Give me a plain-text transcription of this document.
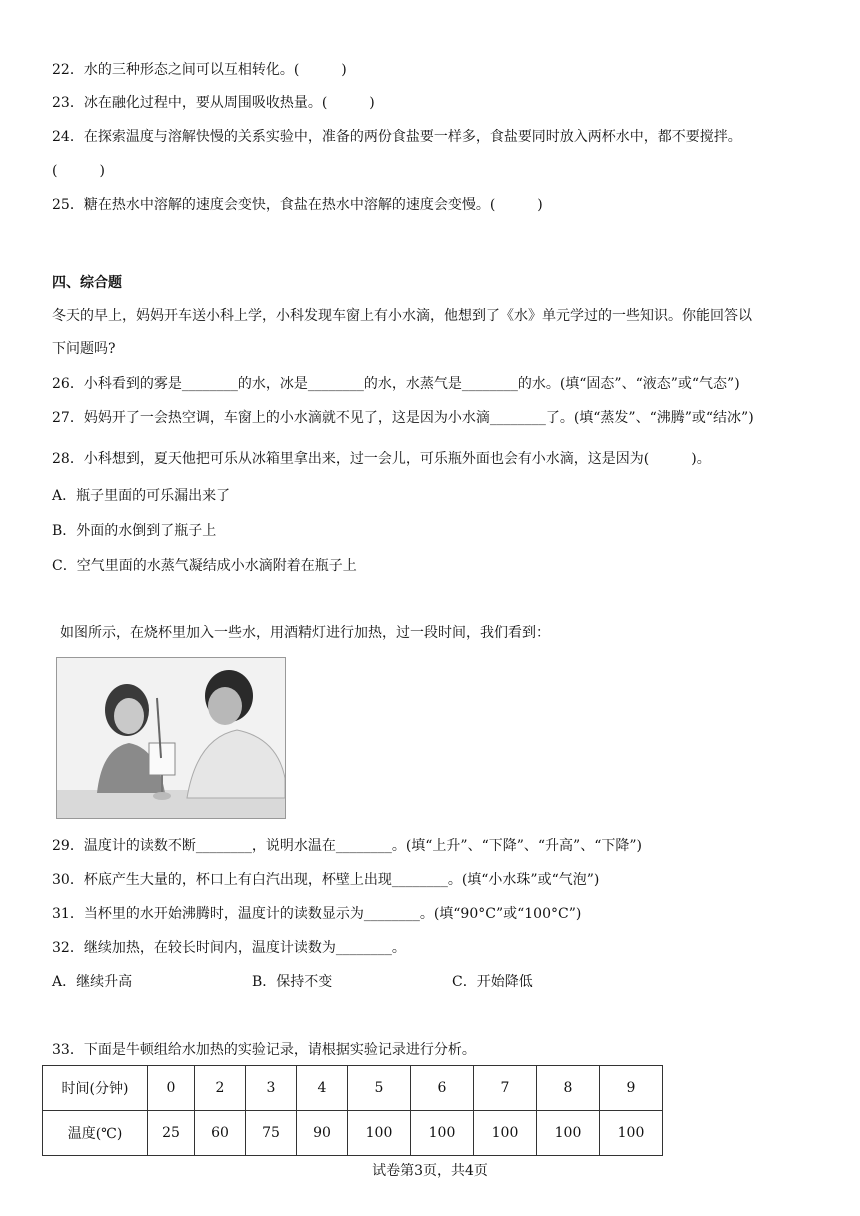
22．水的三种形态之间可以互相转化。(　　　)
23．冰在融化过程中，要从周围吸收热量。(　　　)
24．在探索温度与溶解快慢的关系实验中，准备的两份食盐要一样多，食盐要同时放入两杯水中，都不要搅拌。
(　　　)
25．糖在热水中溶解的速度会变快，食盐在热水中溶解的速度会变慢。(　　　)
四、综合题
冬天的早上，妈妈开车送小科上学，小科发现车窗上有小水滴，他想到了《水》单元学过的一些知识。你能回答以
下问题吗?
26．小科看到的雾是________的水，冰是________的水，水蒸气是________的水。(填“固态”、“液态”或“气态”)
27．妈妈开了一会热空调，车窗上的小水滴就不见了，这是因为小水滴________了。(填“蒸发”、“沸腾”或“结冰”)
28．小科想到，夏天他把可乐从冰箱里拿出来，过一会儿，可乐瓶外面也会有小水滴，这是因为(　　　)。
A．瓶子里面的可乐漏出来了
B．外面的水倒到了瓶子上
C．空气里面的水蒸气凝结成小水滴附着在瓶子上
如图所示，在烧杯里加入一些水，用酒精灯进行加热，过一段时间，我们看到：
29．温度计的读数不断________，说明水温在________。(填“上升”、“下降”、“升高”、“下降”)
30．杯底产生大量的，杯口上有白汽出现，杯壁上出现________。(填“小水珠”或“气泡”)
31．当杯里的水开始沸腾时，温度计的读数显示为________。(填“90°C”或“100°C”)
32．继续加热，在较长时间内，温度计读数为________。
A．继续升高	B．保持不变	C．开始降低
33．下面是牛顿组给水加热的实验记录，请根据实验记录进行分析。
时间(分钟)	0	2	3	4	5	6	7	8	9
温度(℃)	25	60	75	90	100	100	100	100	100
试卷第3页，共4页
